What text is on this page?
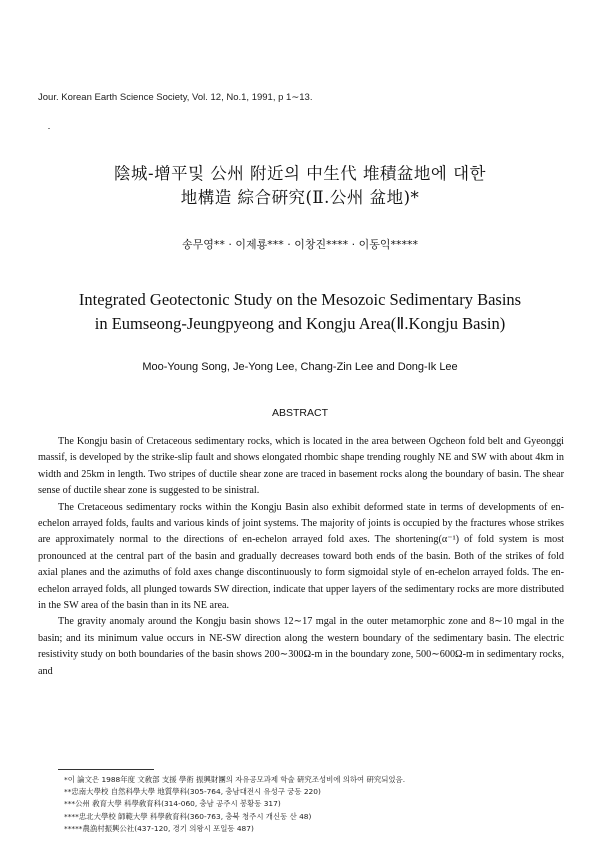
Jour. Korean Earth Science Society, Vol. 12, No.1, 1991, p 1∼13.
陰城-增平및 公州 附近의 中生代 堆積盆地에 대한
地構造 綜合硏究(Ⅱ.公州 盆地)*
송무영** · 이제룡*** · 이창진**** · 이동익*****
Integrated Geotectonic Study on the Mesozoic Sedimentary Basins
in Eumseong-Jeungpyeong and Kongju Area(Ⅱ.Kongju Basin)
Moo-Young Song, Je-Yong Lee, Chang-Zin Lee and Dong-Ik Lee
ABSTRACT

The Kongju basin of Cretaceous sedimentary rocks, which is located in the area between Ogcheon fold belt and Gyeonggi massif, is developed by the strike-slip fault and shows elongated rhombic shape trending roughly NE and SW with about 4km in width and 25km in length. Two stripes of ductile shear zone are traced in basement rocks along the boundary of basin. The shear sense of ductile shear zone is suggested to be sinistral.

The Cretaceous sedimentary rocks within the Kongju Basin also exhibit deformed state in terms of developments of en-echelon arrayed folds, faults and various kinds of joint systems. The majority of joints is occupied by the fractures whose strikes are approximately normal to the directions of en-echelon arrayed fold axes. The shortening(α⁻¹) of fold system is most pronounced at the central part of the basin and gradually decreases toward both ends of the basin. Both of the strikes of fold axial planes and the azimuths of fold axes change discontinuously to form sigmoidal style of en-echelon arrayed folds. The en-echelon arrayed folds, all plunged towards SW direction, indicate that upper layers of the sedimentary rocks are more distributed in the SW area of the basin than in its NE area.

The gravity anomaly around the Kongju basin shows 12∼17 mgal in the outer metamorphic zone and 8∼10 mgal in the basin; and its minimum value occurs in NE-SW direction along the western boundary of the sedimentary basin. The electric resistivity study on both boundaries of the basin shows 200∼300Ω-m in the boundary zone, 500∼600Ω-m in sedimentary rocks, and

*이 論文은 1988年度 文敎部 支援 學術 振興財團의 자유공모과제 학술 硏究조성비에 의하여 硏究되었음.
**忠南大學校 自然科學大學 地質學科(305-764, 충남대전시 유성구 궁동 220)
***公州 敎育大學 科學敎育科(314-060, 충남 공주시 봉황동 317)
****忠北大學校 師範大學 科學敎育科(360-763, 충북 청주시 개신동 산 48)
*****農漁村振興公社(437-120, 경기 의왕시 포일동 487)
